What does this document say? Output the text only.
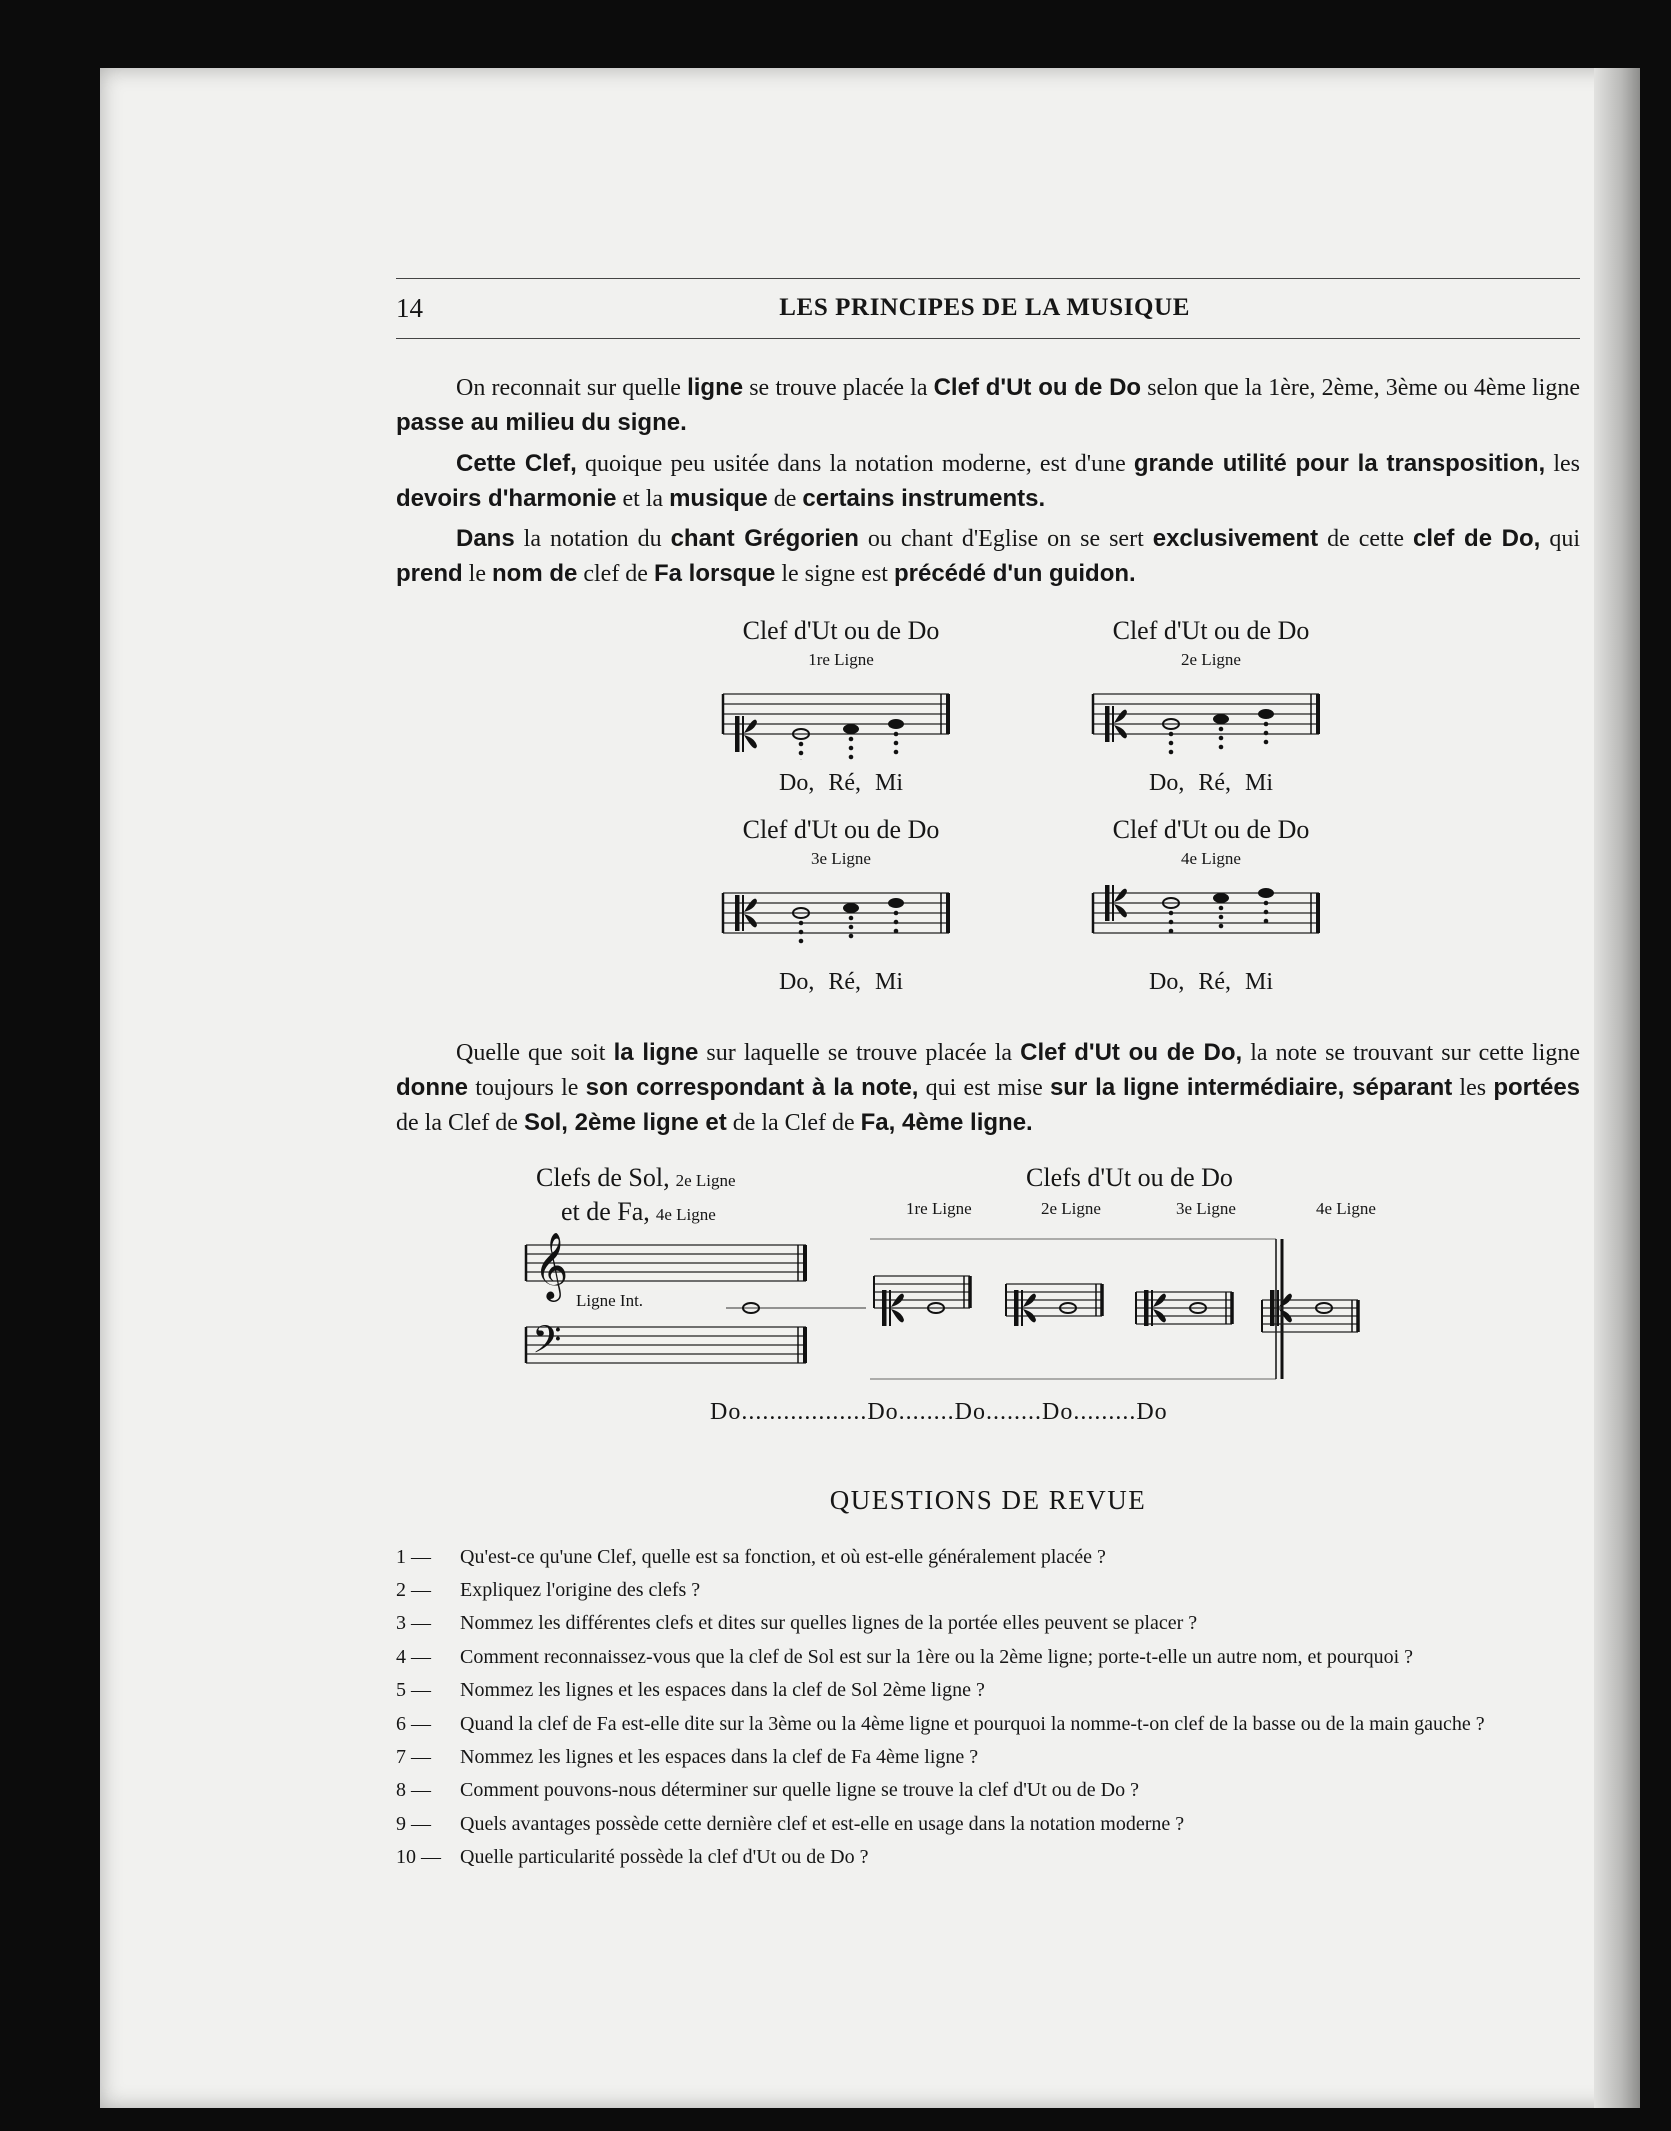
14	LES PRINCIPES DE LA MUSIQUE

On reconnait sur quelle ligne se trouve placée la Clef d'Ut ou de Do selon que la 1ère, 2ème, 3ème ou 4ème ligne passe au milieu du signe.

Cette Clef, quoique peu usitée dans la notation moderne, est d'une grande utilité pour la transposition, les devoirs d'harmonie et la musique de certains instruments.

Dans la notation du chant Grégorien ou chant d'Eglise on se sert exclusivement de cette clef de Do, qui prend le nom de clef de Fa lorsque le signe est précédé d'un guidon.

Clef d'Ut ou de Do
1re Ligne
Do, Ré, Mi
Clef d'Ut ou de Do
2e Ligne
Do, Ré, Mi
Clef d'Ut ou de Do
3e Ligne
Do, Ré, Mi
Clef d'Ut ou de Do
4e Ligne
Do, Ré, Mi

Quelle que soit la ligne sur laquelle se trouve placée la Clef d'Ut ou de Do, la note se trouvant sur cette ligne donne toujours le son correspondant à la note, qui est mise sur la ligne intermédiaire, séparant les portées de la Clef de Sol, 2ème ligne et de la Clef de Fa, 4ème ligne.

Clefs de Sol, 2e Ligne
et de Fa, 4e Ligne
Clefs d'Ut ou de Do
1re Ligne	2e Ligne	3e Ligne	4e Ligne
Ligne Int.
𝄞
𝄢
Do..................Do........Do........Do.........Do
QUESTIONS DE REVUE
1 —	Qu'est-ce qu'une Clef, quelle est sa fonction, et où est-elle généralement placée ?
2 —	Expliquez l'origine des clefs ?
3 —	Nommez les différentes clefs et dites sur quelles lignes de la portée elles peuvent se placer ?
4 —	Comment reconnaissez-vous que la clef de Sol est sur la 1ère ou la 2ème ligne; porte-t-elle un autre nom, et pourquoi ?
5 —	Nommez les lignes et les espaces dans la clef de Sol 2ème ligne ?
6 —	Quand la clef de Fa est-elle dite sur la 3ème ou la 4ème ligne et pourquoi la nomme-t-on clef de la basse ou de la main gauche ?
7 —	Nommez les lignes et les espaces dans la clef de Fa 4ème ligne ?
8 —	Comment pouvons-nous déterminer sur quelle ligne se trouve la clef d'Ut ou de Do ?
9 —	Quels avantages possède cette dernière clef et est-elle en usage dans la notation moderne ?
10 — Quelle particularité possède la clef d'Ut ou de Do ?
